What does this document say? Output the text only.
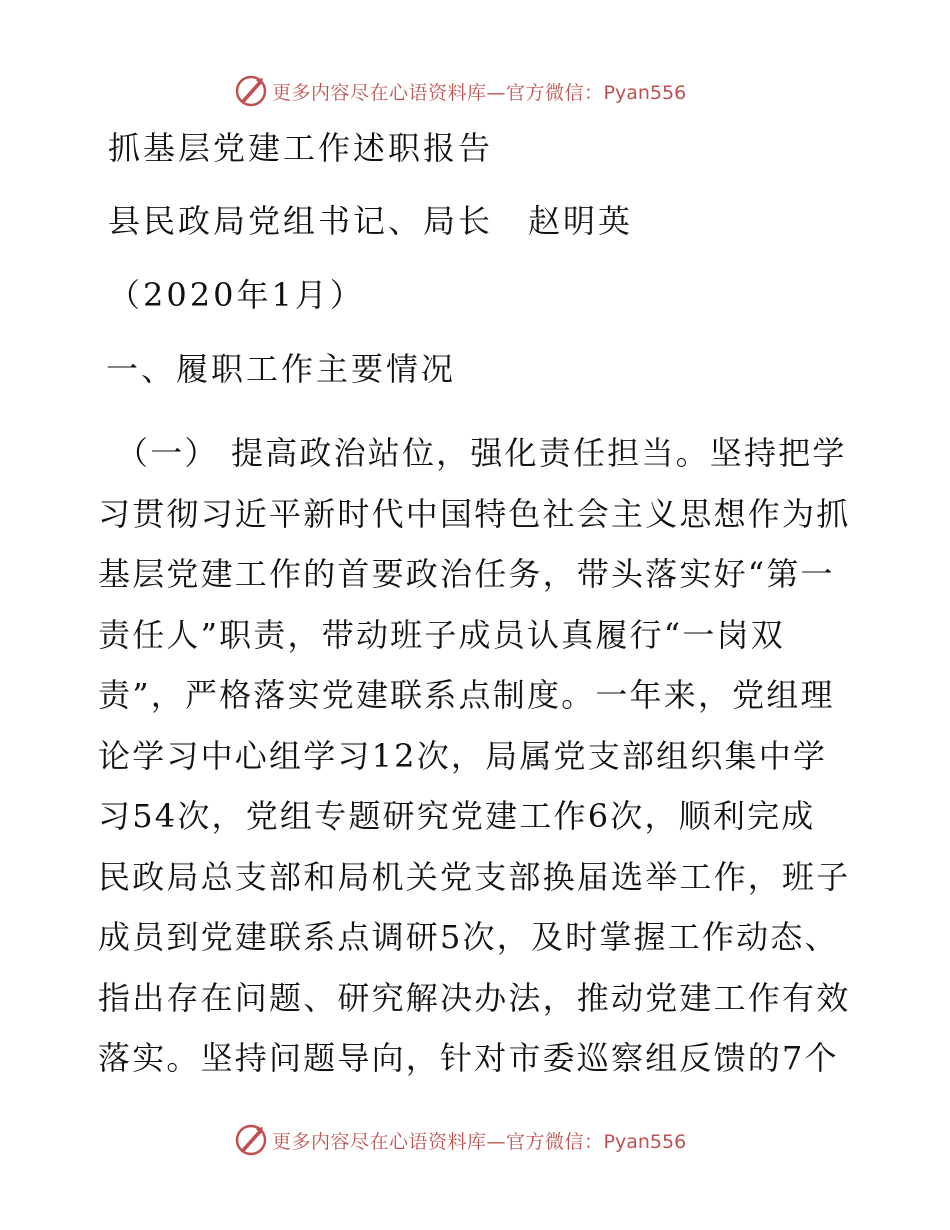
更多内容尽在心语资料库—官方微信：Pyan556
抓基层党建工作述职报告
县民政局党组书记、局长　赵明英
（2020年1月）
一、履职工作主要情况
（一） 提高政治站位，强化责任担当。坚持把学
习贯彻习近平新时代中国特色社会主义思想作为抓
基层党建工作的首要政治任务，带头落实好“第一
责任人”职责，带动班子成员认真履行“一岗双
责”，严格落实党建联系点制度。一年来，党组理
论学习中心组学习12次，局属党支部组织集中学
习54次，党组专题研究党建工作6次，顺利完成
民政局总支部和局机关党支部换届选举工作，班子
成员到党建联系点调研5次，及时掌握工作动态、
指出存在问题、研究解决办法，推动党建工作有效
落实。坚持问题导向，针对市委巡察组反馈的7个
更多内容尽在心语资料库—官方微信：Pyan556
